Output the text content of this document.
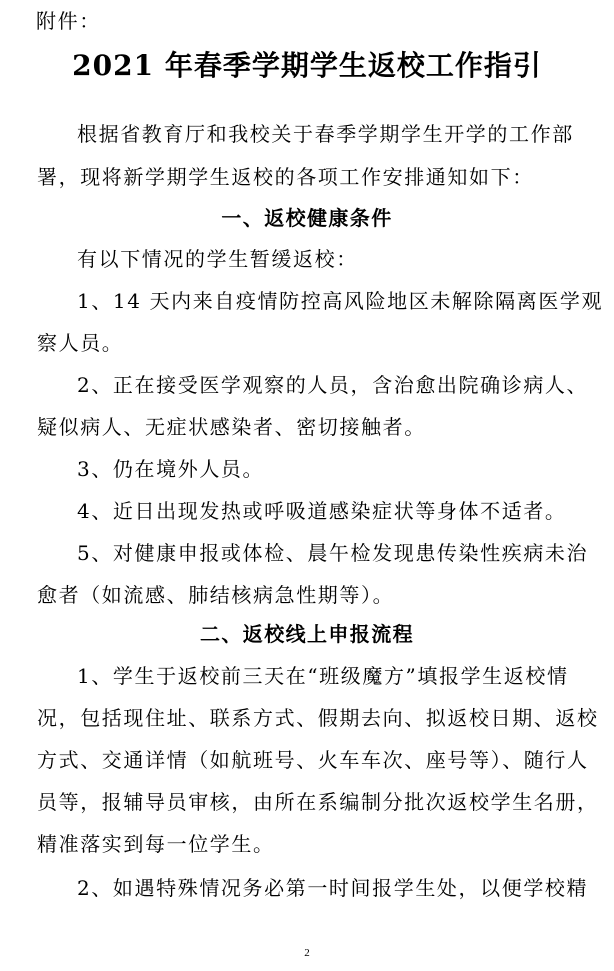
附件：
2021 年春季学期学生返校工作指引
根据省教育厅和我校关于春季学期学生开学的工作部
署，现将新学期学生返校的各项工作安排通知如下：
一、返校健康条件
有以下情况的学生暂缓返校：
1、14 天内来自疫情防控高风险地区未解除隔离医学观
察人员。
2、正在接受医学观察的人员，含治愈出院确诊病人、
疑似病人、无症状感染者、密切接触者。
3、仍在境外人员。
4、近日出现发热或呼吸道感染症状等身体不适者。
5、对健康申报或体检、晨午检发现患传染性疾病未治
愈者（如流感、肺结核病急性期等）。
二、返校线上申报流程
1、学生于返校前三天在“班级魔方”填报学生返校情
况，包括现住址、联系方式、假期去向、拟返校日期、返校
方式、交通详情（如航班号、火车车次、座号等）、随行人
员等，报辅导员审核，由所在系编制分批次返校学生名册，
精准落实到每一位学生。
2、如遇特殊情况务必第一时间报学生处，以便学校精
2
